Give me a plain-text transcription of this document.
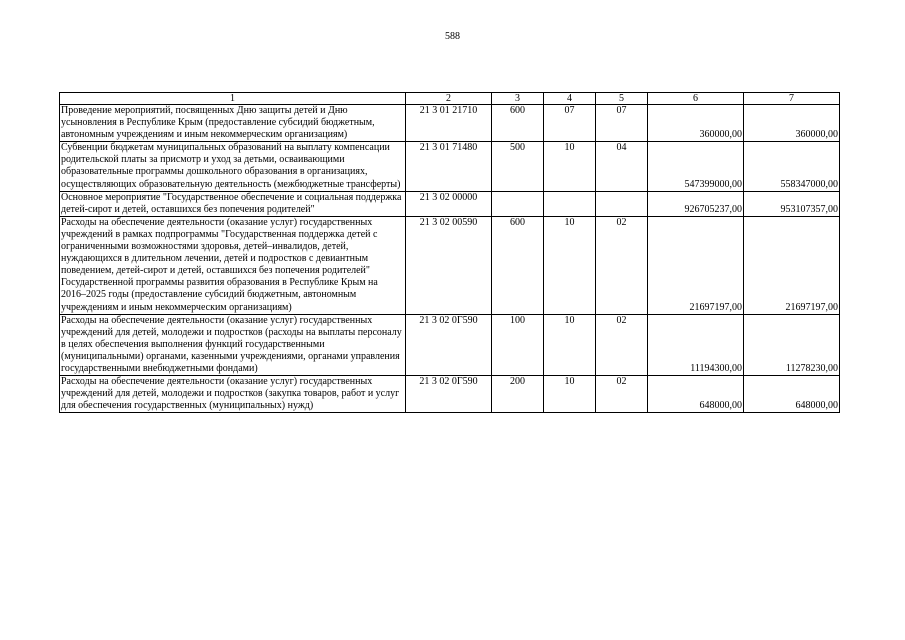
588
1	2	3	4	5	6	7
Проведение мероприятий, посвященных Дню защиты детей и Дню усыновления в Республике Крым (предоставление субсидий бюджетным, автономным учреждениям и иным некоммерческим организациям)	21 3 01 21710	600	07	07	360000,00	360000,00
Субвенции бюджетам муниципальных образований на выплату компенсации родительской платы за присмотр и уход за детьми, осваивающими образовательные программы дошкольного образования в организациях, осуществляющих образовательную деятельность (межбюджетные трансферты)	21 3 01 71480	500	10	04	547399000,00	558347000,00
Основное мероприятие "Государственное обеспечение и социальная поддержка детей-сирот и детей, оставшихся без попечения родителей"	21 3 02 00000				926705237,00	953107357,00
Расходы на обеспечение деятельности (оказание услуг) государственных учреждений в рамках подпрограммы "Государственная поддержка детей с ограниченными возможностями здоровья, детей–инвалидов, детей, нуждающихся в длительном лечении, детей и подростков с девиантным поведением, детей-сирот и детей, оставшихся без попечения родителей" Государственной программы развития образования в Республике Крым на 2016–2025 годы (предоставление субсидий бюджетным, автономным учреждениям и иным некоммерческим организациям)	21 3 02 00590	600	10	02	21697197,00	21697197,00
Расходы на обеспечение деятельности (оказание услуг) государственных учреждений для детей, молодежи и подростков (расходы на выплаты персоналу в целях обеспечения выполнения функций государственными (муниципальными) органами, казенными учреждениями, органами управления государственными внебюджетными фондами)	21 3 02 0Г590	100	10	02	11194300,00	11278230,00
Расходы на обеспечение деятельности (оказание услуг) государственных учреждений для детей, молодежи и подростков (закупка товаров, работ и услуг для обеспечения государственных (муниципальных) нужд)	21 3 02 0Г590	200	10	02	648000,00	648000,00
